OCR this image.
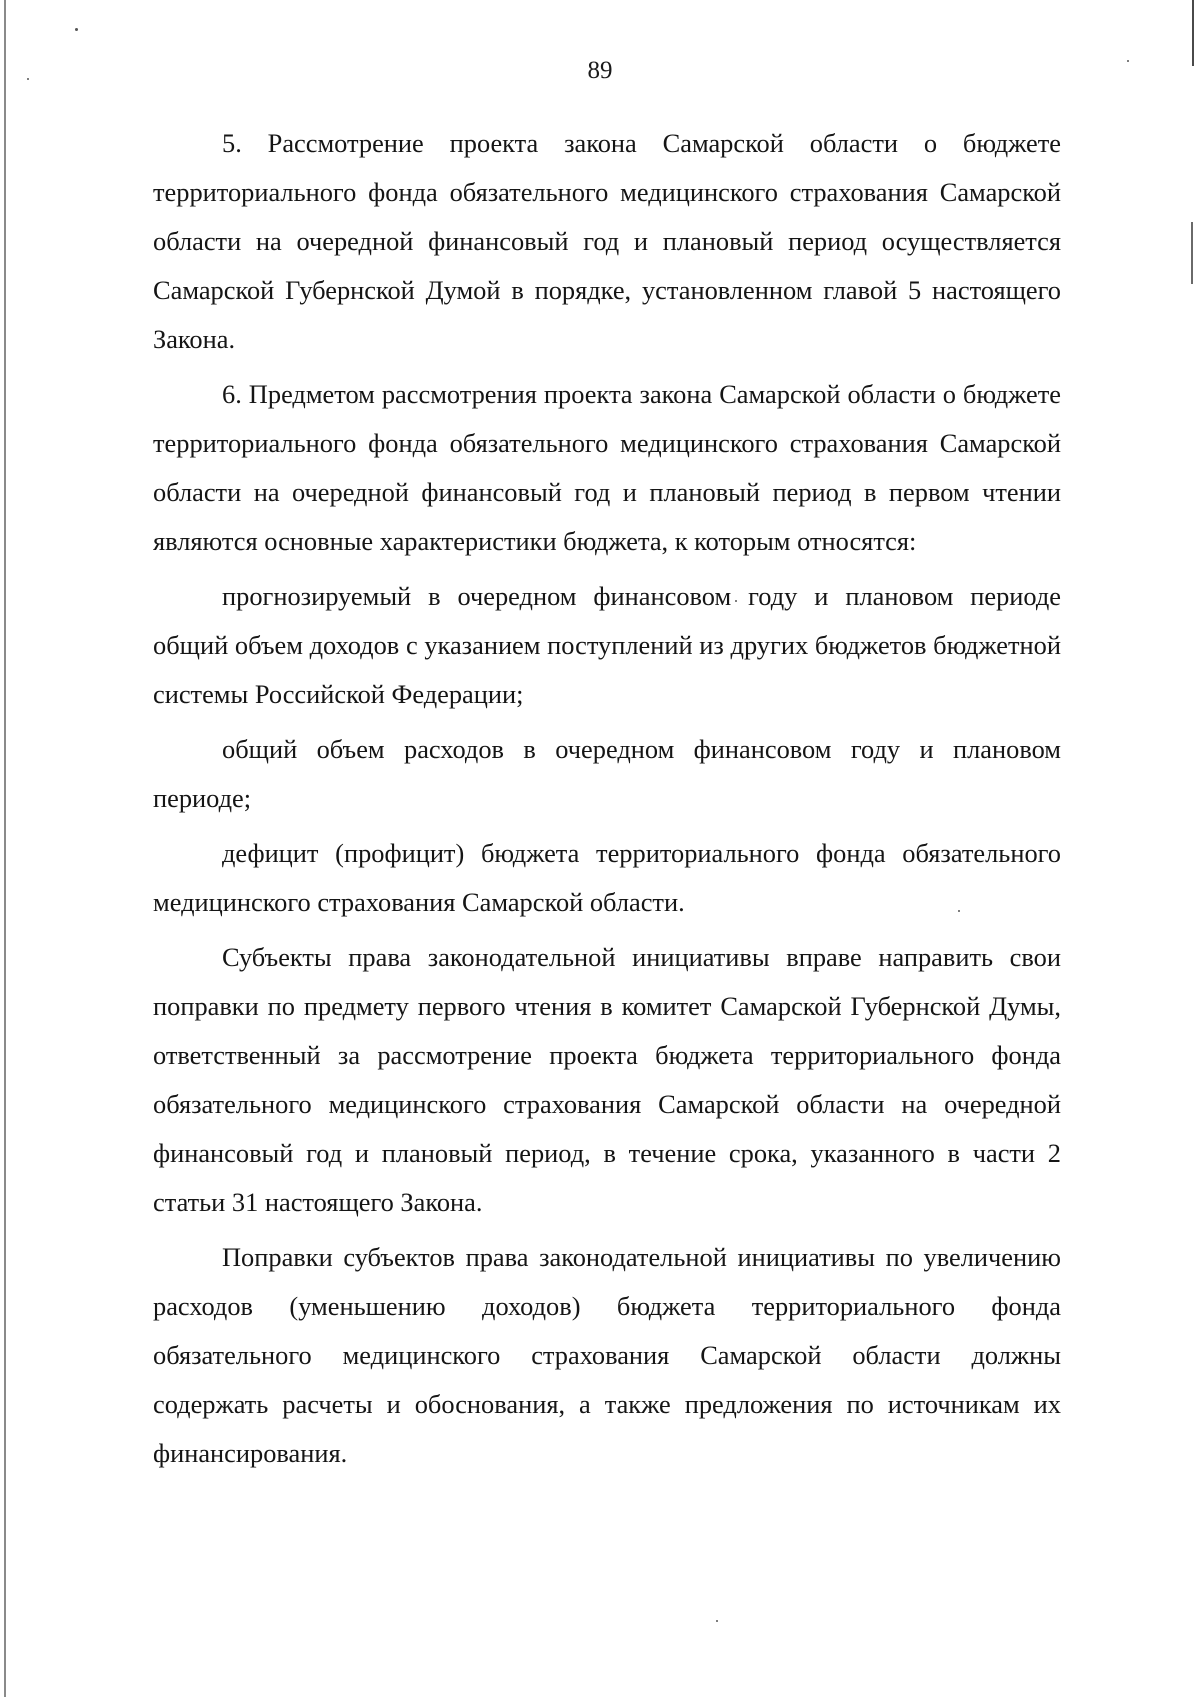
89

5. Рассмотрение проекта закона Самарской области о бюджете территориального фонда обязательного медицинского страхования Самарской области на очередной финансовый год и плановый период осуществляется Самарской Губернской Думой в порядке, установленном главой 5 настоящего Закона.

6. Предметом рассмотрения проекта закона Самарской области о бюджете территориального фонда обязательного медицинского страхования Самарской области на очередной финансовый год и плановый период в первом чтении являются основные характеристики бюджета, к которым относятся:

прогнозируемый в очередном финансовом году и плановом периоде общий объем доходов с указанием поступлений из других бюджетов бюджетной системы Российской Федерации;

общий объем расходов в очередном финансовом году и плановом периоде;

дефицит (профицит) бюджета территориального фонда обязательного медицинского страхования Самарской области.

Субъекты права законодательной инициативы вправе направить свои поправки по предмету первого чтения в комитет Самарской Губернской Думы, ответственный за рассмотрение проекта бюджета территориального фонда обязательного медицинского страхования Самарской области на очередной финансовый год и плановый период, в течение срока, указанного в части 2 статьи 31 настоящего Закона.

Поправки субъектов права законодательной инициативы по увеличению расходов (уменьшению доходов) бюджета территориального фонда обязательного медицинского страхования Самарской области должны содержать расчеты и обоснования, а также предложения по источникам их финансирования.
